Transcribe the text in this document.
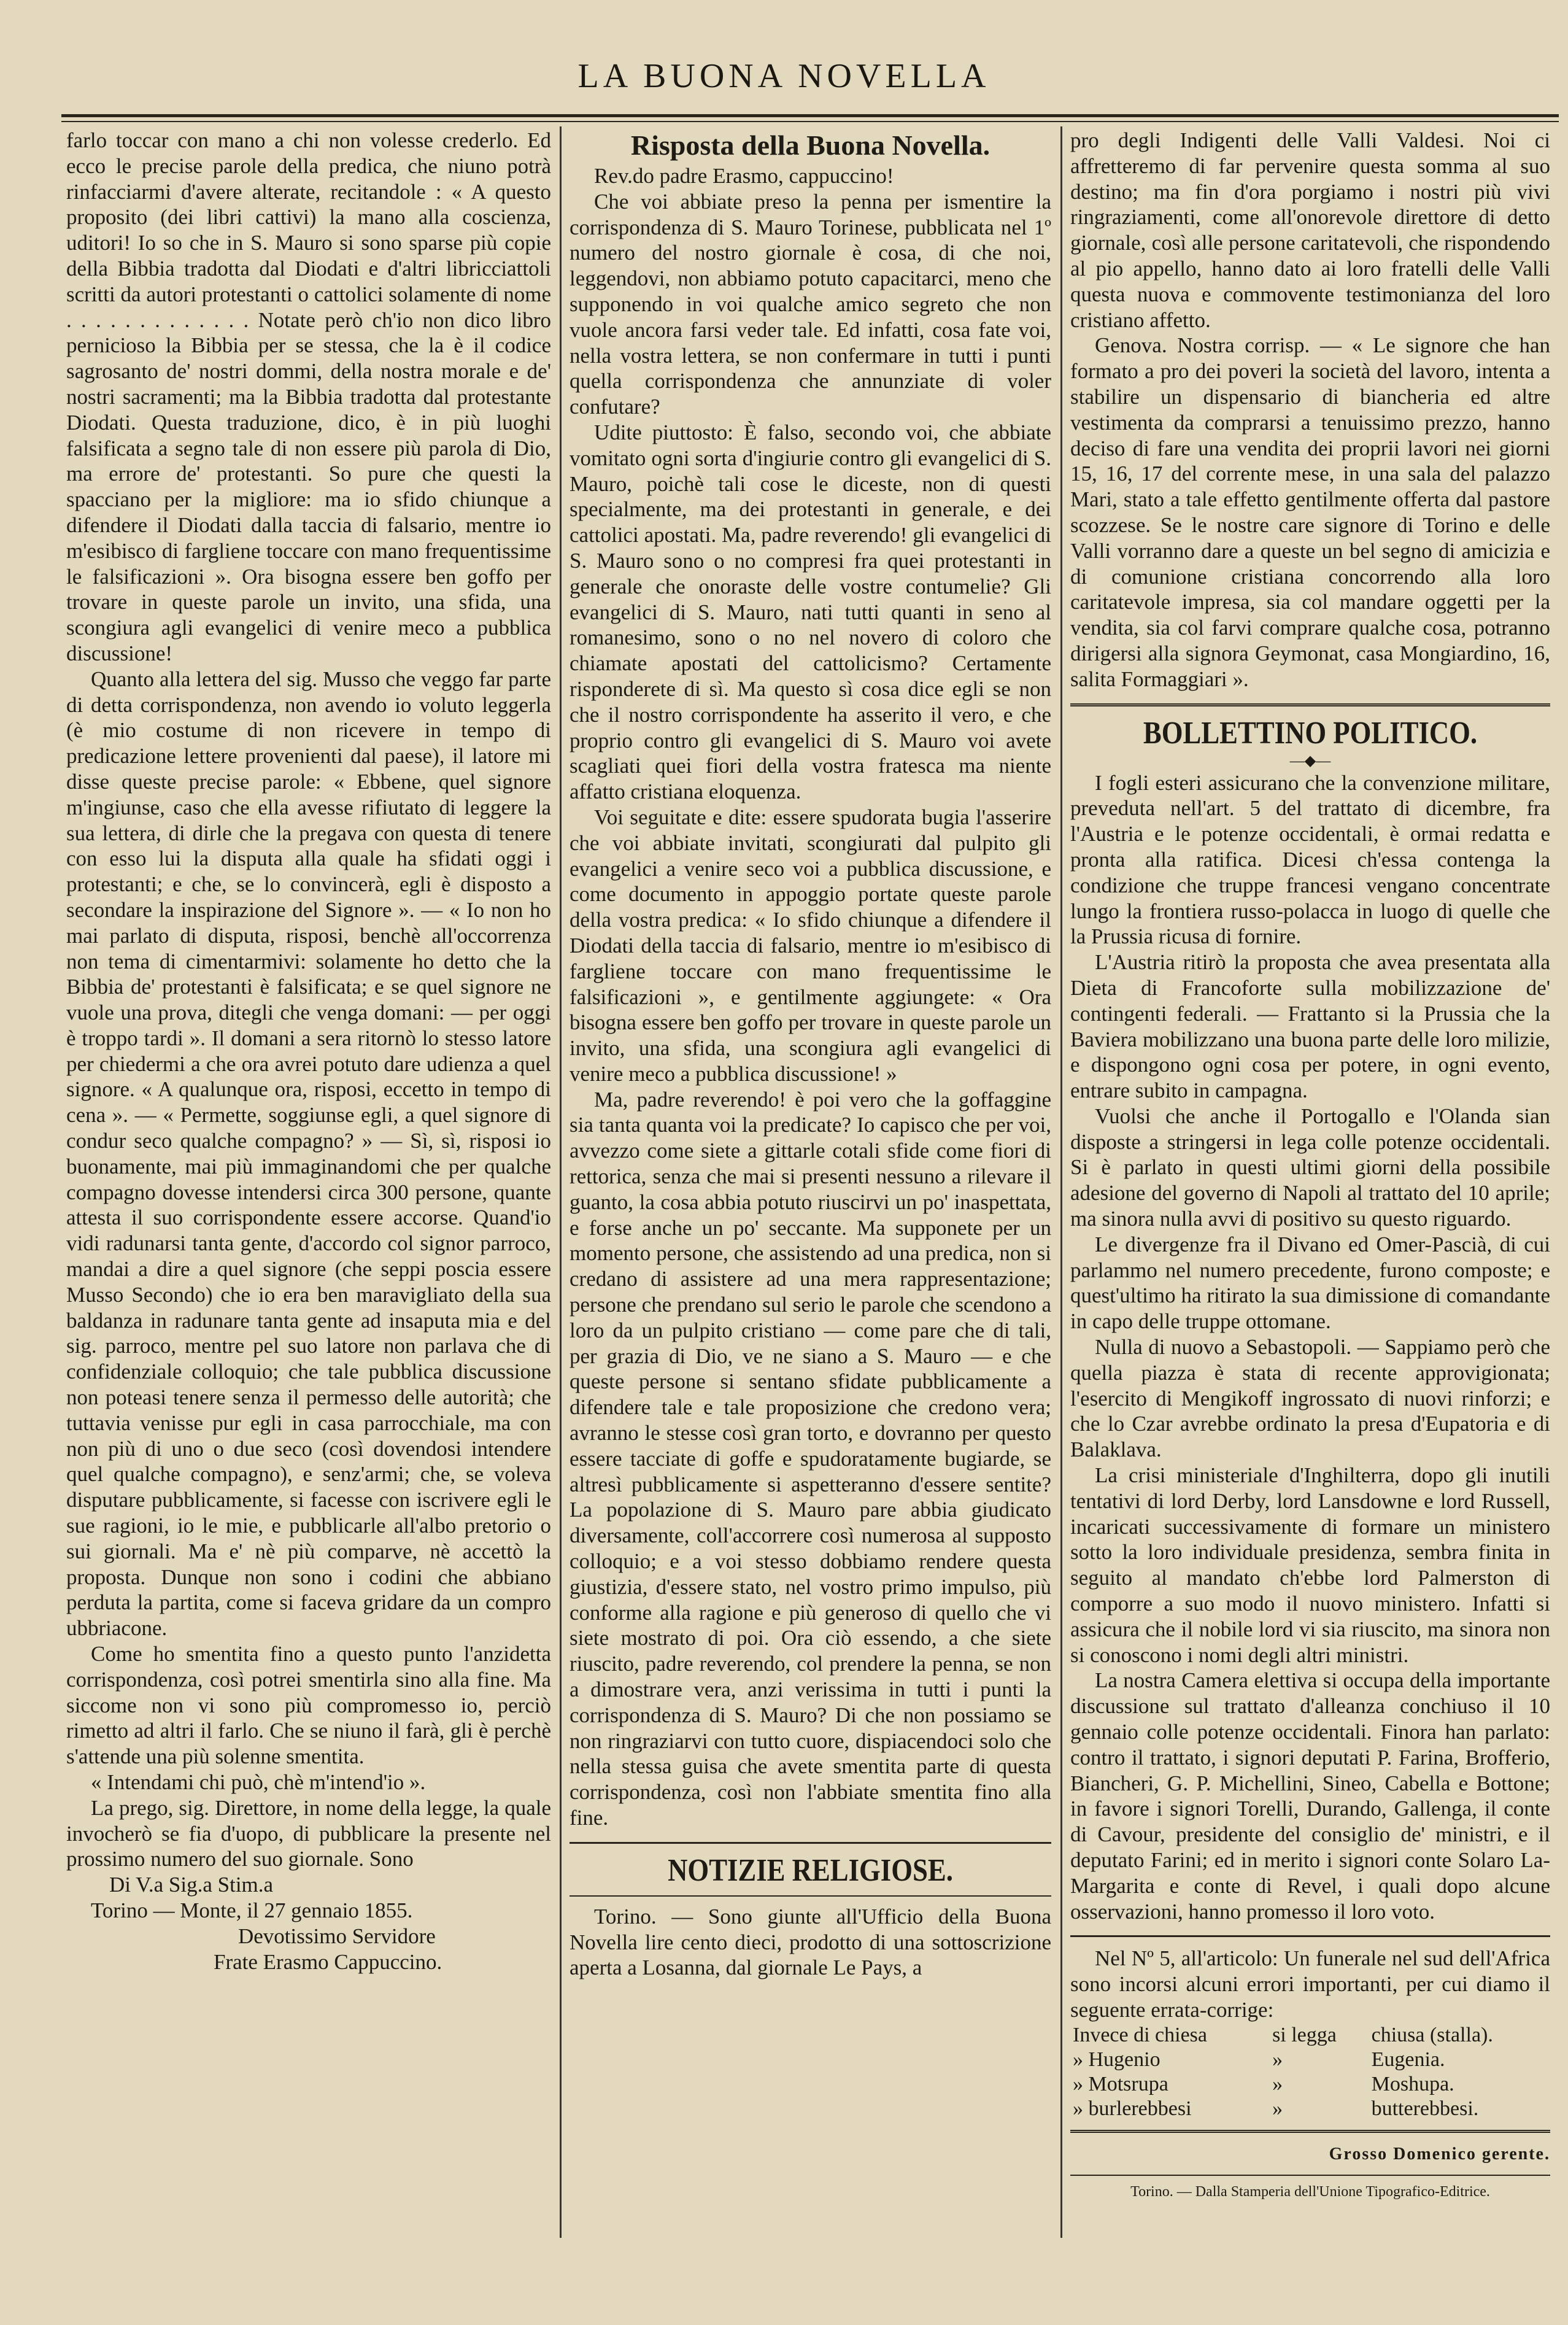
LA BUONA NOVELLA

farlo toccar con mano a chi non volesse crederlo. Ed ecco le precise parole della predica, che niuno potrà rinfacciarmi d'avere alterate, recitandole : « A questo proposito (dei libri cattivi) la mano alla coscienza, uditori! Io so che in S. Mauro si sono sparse più copie della Bibbia tradotta dal Diodati e d'altri libricciattoli scritti da autori protestanti o cattolici solamente di nome . . . . . . . . . . . . . Notate però ch'io non dico libro pernicioso la Bibbia per se stessa, che la è il codice sagrosanto de' nostri dommi, della nostra morale e de' nostri sacramenti; ma la Bibbia tradotta dal protestante Diodati. Questa traduzione, dico, è in più luoghi falsificata a segno tale di non essere più parola di Dio, ma errore de' protestanti. So pure che questi la spacciano per la migliore: ma io sfido chiunque a difendere il Diodati dalla taccia di falsario, mentre io m'esibisco di fargliene toccare con mano frequentissime le falsificazioni ». Ora bisogna essere ben goffo per trovare in queste parole un invito, una sfida, una scongiura agli evangelici di venire meco a pubblica discussione!

Quanto alla lettera del sig. Musso che veggo far parte di detta corrispondenza, non avendo io voluto leggerla (è mio costume di non ricevere in tempo di predicazione lettere provenienti dal paese), il latore mi disse queste precise parole: « Ebbene, quel signore m'ingiunse, caso che ella avesse rifiutato di leggere la sua lettera, di dirle che la pregava con questa di tenere con esso lui la disputa alla quale ha sfidati oggi i protestanti; e che, se lo convincerà, egli è disposto a secondare la inspirazione del Signore ». — « Io non ho mai parlato di disputa, risposi, benchè all'occorrenza non tema di cimentarmivi: solamente ho detto che la Bibbia de' protestanti è falsificata; e se quel signore ne vuole una prova, ditegli che venga domani: — per oggi è troppo tardi ». Il domani a sera ritornò lo stesso latore per chiedermi a che ora avrei potuto dare udienza a quel signore. « A qualunque ora, risposi, eccetto in tempo di cena ». — « Permette, soggiunse egli, a quel signore di condur seco qualche compagno? » — Sì, sì, risposi io buonamente, mai più immaginandomi che per qualche compagno dovesse intendersi circa 300 persone, quante attesta il suo corrispondente essere accorse. Quand'io vidi radunarsi tanta gente, d'accordo col signor parroco, mandai a dire a quel signore (che seppi poscia essere Musso Secondo) che io era ben maravigliato della sua baldanza in radunare tanta gente ad insaputa mia e del sig. parroco, mentre pel suo latore non parlava che di confidenziale colloquio; che tale pubblica discussione non poteasi tenere senza il permesso delle autorità; che tuttavia venisse pur egli in casa parrocchiale, ma con non più di uno o due seco (così dovendosi intendere quel qualche compagno), e senz'armi; che, se voleva disputare pubblicamente, si facesse con iscrivere egli le sue ragioni, io le mie, e pubblicarle all'albo pretorio o sui giornali. Ma e' nè più comparve, nè accettò la proposta. Dunque non sono i codini che abbiano perduta la partita, come si faceva gridare da un compro ubbriacone.

Come ho smentita fino a questo punto l'anzidetta corrispondenza, così potrei smentirla sino alla fine. Ma siccome non vi sono più compromesso io, perciò rimetto ad altri il farlo. Che se niuno il farà, gli è perchè s'attende una più solenne smentita.

« Intendami chi può, chè m'intend'io ».

La prego, sig. Direttore, in nome della legge, la quale invocherò se fia d'uopo, di pubblicare la presente nel prossimo numero del suo giornale. Sono

Di V.a Sig.a Stim.a

Torino — Monte, il 27 gennaio 1855.

Devotissimo Servidore

Frate Erasmo Cappuccino.

Risposta della Buona Novella.

Rev.do padre Erasmo, cappuccino!

Che voi abbiate preso la penna per ismentire la corrispondenza di S. Mauro Torinese, pubblicata nel 1º numero del nostro giornale è cosa, di che noi, leggendovi, non abbiamo potuto capacitarci, meno che supponendo in voi qualche amico segreto che non vuole ancora farsi veder tale. Ed infatti, cosa fate voi, nella vostra lettera, se non confermare in tutti i punti quella corrispondenza che annunziate di voler confutare?

Udite piuttosto: È falso, secondo voi, che abbiate vomitato ogni sorta d'ingiurie contro gli evangelici di S. Mauro, poichè tali cose le diceste, non di questi specialmente, ma dei protestanti in generale, e dei cattolici apostati. Ma, padre reverendo! gli evangelici di S. Mauro sono o no compresi fra quei protestanti in generale che onoraste delle vostre contumelie? Gli evangelici di S. Mauro, nati tutti quanti in seno al romanesimo, sono o no nel novero di coloro che chiamate apostati del cattolicismo? Certamente risponderete di sì. Ma questo sì cosa dice egli se non che il nostro corrispondente ha asserito il vero, e che proprio contro gli evangelici di S. Mauro voi avete scagliati quei fiori della vostra fratesca ma niente affatto cristiana eloquenza.

Voi seguitate e dite: essere spudorata bugia l'asserire che voi abbiate invitati, scongiurati dal pulpito gli evangelici a venire seco voi a pubblica discussione, e come documento in appoggio portate queste parole della vostra predica: « Io sfido chiunque a difendere il Diodati della taccia di falsario, mentre io m'esibisco di fargliene toccare con mano frequentissime le falsificazioni », e gentilmente aggiungete: « Ora bisogna essere ben goffo per trovare in queste parole un invito, una sfida, una scongiura agli evangelici di venire meco a pubblica discussione! »

Ma, padre reverendo! è poi vero che la goffaggine sia tanta quanta voi la predicate? Io capisco che per voi, avvezzo come siete a gittarle cotali sfide come fiori di rettorica, senza che mai si presenti nessuno a rilevare il guanto, la cosa abbia potuto riuscirvi un po' inaspettata, e forse anche un po' seccante. Ma supponete per un momento persone, che assistendo ad una predica, non si credano di assistere ad una mera rappresentazione; persone che prendano sul serio le parole che scendono a loro da un pulpito cristiano — come pare che di tali, per grazia di Dio, ve ne siano a S. Mauro — e che queste persone si sentano sfidate pubblicamente a difendere tale e tale proposizione che credono vera; avranno le stesse così gran torto, e dovranno per questo essere tacciate di goffe e spudoratamente bugiarde, se altresì pubblicamente si aspetteranno d'essere sentite? La popolazione di S. Mauro pare abbia giudicato diversamente, coll'accorrere così numerosa al supposto colloquio; e a voi stesso dobbiamo rendere questa giustizia, d'essere stato, nel vostro primo impulso, più conforme alla ragione e più generoso di quello che vi siete mostrato di poi. Ora ciò essendo, a che siete riuscito, padre reverendo, col prendere la penna, se non a dimostrare vera, anzi verissima in tutti i punti la corrispondenza di S. Mauro? Di che non possiamo se non ringraziarvi con tutto cuore, dispiacendoci solo che nella stessa guisa che avete smentita parte di questa corrispondenza, così non l'abbiate smentita fino alla fine.

NOTIZIE RELIGIOSE.

Torino. — Sono giunte all'Ufficio della Buona Novella lire cento dieci, prodotto di una sottoscrizione aperta a Losanna, dal giornale Le Pays, a

pro degli Indigenti delle Valli Valdesi. Noi ci affretteremo di far pervenire questa somma al suo destino; ma fin d'ora porgiamo i nostri più vivi ringraziamenti, come all'onorevole direttore di detto giornale, così alle persone caritatevoli, che rispondendo al pio appello, hanno dato ai loro fratelli delle Valli questa nuova e commovente testimonianza del loro cristiano affetto.

Genova. Nostra corrisp. — « Le signore che han formato a pro dei poveri la società del lavoro, intenta a stabilire un dispensario di biancheria ed altre vestimenta da comprarsi a tenuissimo prezzo, hanno deciso di fare una vendita dei proprii lavori nei giorni 15, 16, 17 del corrente mese, in una sala del palazzo Mari, stato a tale effetto gentilmente offerta dal pastore scozzese. Se le nostre care signore di Torino e delle Valli vorranno dare a queste un bel segno di amicizia e di comunione cristiana concorrendo alla loro caritatevole impresa, sia col mandare oggetti per la vendita, sia col farvi comprare qualche cosa, potranno dirigersi alla signora Geymonat, casa Mongiardino, 16, salita Formaggiari ».

BOLLETTINO POLITICO.

—◆—

I fogli esteri assicurano che la convenzione militare, preveduta nell'art. 5 del trattato di dicembre, fra l'Austria e le potenze occidentali, è ormai redatta e pronta alla ratifica. Dicesi ch'essa contenga la condizione che truppe francesi vengano concentrate lungo la frontiera russo-polacca in luogo di quelle che la Prussia ricusa di fornire.

L'Austria ritirò la proposta che avea presentata alla Dieta di Francoforte sulla mobilizzazione de' contingenti federali. — Frattanto si la Prussia che la Baviera mobilizzano una buona parte delle loro milizie, e dispongono ogni cosa per potere, in ogni evento, entrare subito in campagna.

Vuolsi che anche il Portogallo e l'Olanda sian disposte a stringersi in lega colle potenze occidentali. Si è parlato in questi ultimi giorni della possibile adesione del governo di Napoli al trattato del 10 aprile; ma sinora nulla avvi di positivo su questo riguardo.

Le divergenze fra il Divano ed Omer-Pascià, di cui parlammo nel numero precedente, furono composte; e quest'ultimo ha ritirato la sua dimissione di comandante in capo delle truppe ottomane.

Nulla di nuovo a Sebastopoli. — Sappiamo però che quella piazza è stata di recente approvigionata; l'esercito di Mengikoff ingrossato di nuovi rinforzi; e che lo Czar avrebbe ordinato la presa d'Eupatoria e di Balaklava.

La crisi ministeriale d'Inghilterra, dopo gli inutili tentativi di lord Derby, lord Lansdowne e lord Russell, incaricati successivamente di formare un ministero sotto la loro individuale presidenza, sembra finita in seguito al mandato ch'ebbe lord Palmerston di comporre a suo modo il nuovo ministero. Infatti si assicura che il nobile lord vi sia riuscito, ma sinora non si conoscono i nomi degli altri ministri.

La nostra Camera elettiva si occupa della importante discussione sul trattato d'alleanza conchiuso il 10 gennaio colle potenze occidentali. Finora han parlato: contro il trattato, i signori deputati P. Farina, Brofferio, Biancheri, G. P. Michellini, Sineo, Cabella e Bottone; in favore i signori Torelli, Durando, Gallenga, il conte di Cavour, presidente del consiglio de' ministri, e il deputato Farini; ed in merito i signori conte Solaro La-Margarita e conte di Revel, i quali dopo alcune osservazioni, hanno promesso il loro voto.

Nel Nº 5, all'articolo: Un funerale nel sud dell'Africa sono incorsi alcuni errori importanti, per cui diamo il seguente errata-corrige:

Invece di chiesa	si legga	chiusa (stalla).
» Hugenio	»	Eugenia.
» Motsrupa	»	Moshupa.
» burlerebbesi	»	butterebbesi.

Grosso Domenico gerente.

Torino. — Dalla Stamperia dell'Unione Tipografico-Editrice.
